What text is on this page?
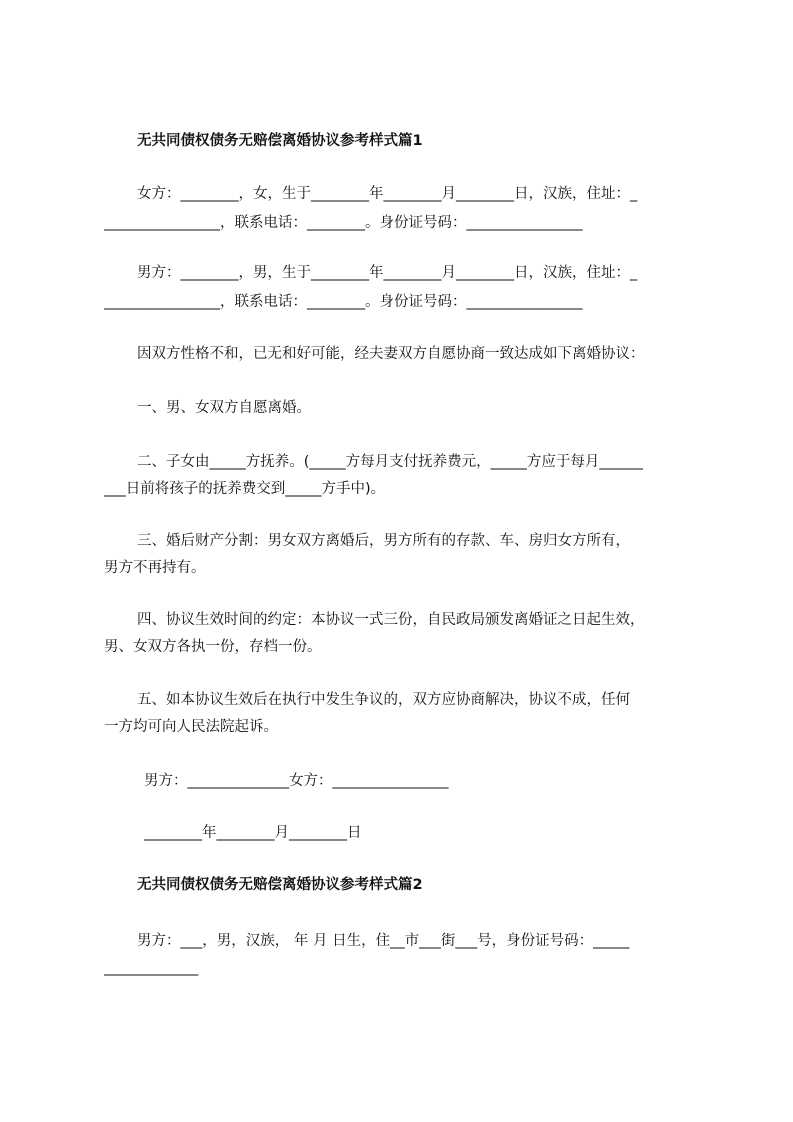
无共同债权债务无赔偿离婚协议参考样式篇1
女方：________，女，生于________年________月________日，汉族，住址：_
________________，联系电话：________。身份证号码：________________
男方：________，男，生于________年________月________日，汉族，住址：_
________________，联系电话：________。身份证号码：________________
因双方性格不和，已无和好可能，经夫妻双方自愿协商一致达成如下离婚协议：
一、男、女双方自愿离婚。
二、子女由_____方抚养。(_____方每月支付抚养费元，_____方应于每月______
___日前将孩子的抚养费交到_____方手中)。
三、婚后财产分割：男女双方离婚后，男方所有的存款、车、房归女方所有，
男方不再持有。
四、协议生效时间的约定：本协议一式三份，自民政局颁发离婚证之日起生效，
男、女双方各执一份，存档一份。
五、如本协议生效后在执行中发生争议的，双方应协商解决，协议不成，任何
一方均可向人民法院起诉。
男方：______________女方：________________
________年________月________日
无共同债权债务无赔偿离婚协议参考样式篇2
男方：___，男，汉族， 年 月 日生，住__市___街___号，身份证号码：_____
_____________
